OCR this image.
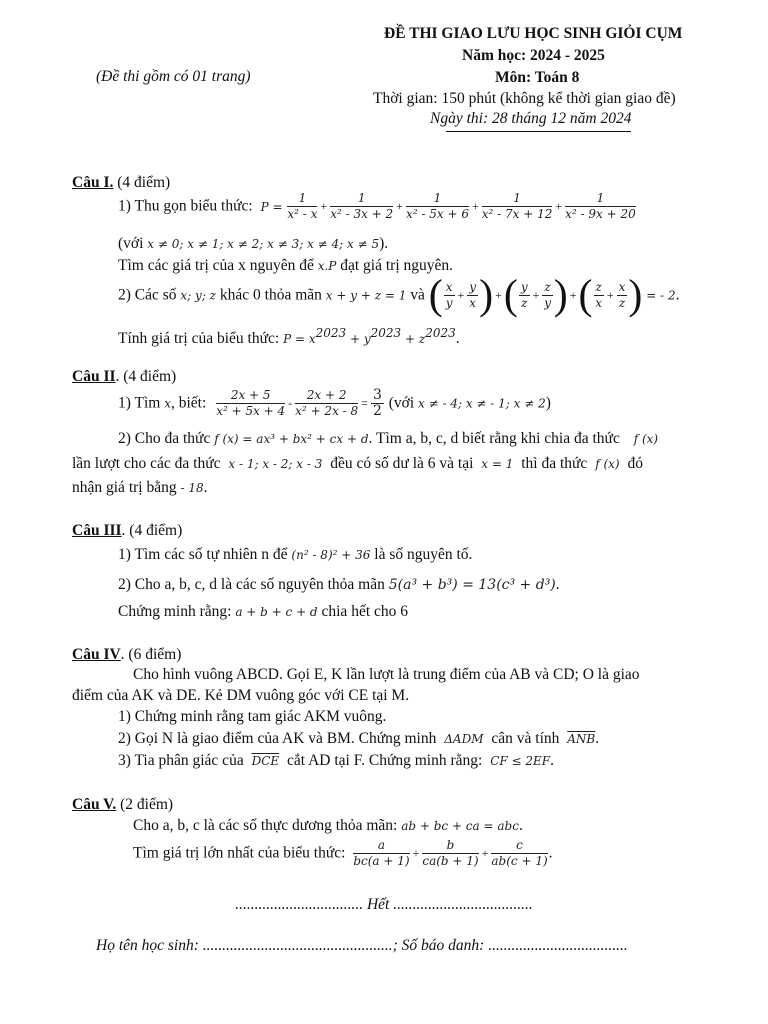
ĐỀ THI GIAO LƯU HỌC SINH GIỎI CỤM
Năm học: 2024 - 2025
Môn: Toán 8
(Đề thi gồm có 01 trang)
Thời gian: 150 phút (không kể thời gian giao đề)
Ngày thi: 28 tháng 12 năm 2024
Câu I. (4 điểm)
1) Thu gọn biểu thức: $P = \frac{1}{\text{x² - x}} + \frac{1}{\text{x² - 3x + 2}} + \frac{1}{\text{x² - 5x + 6}} + \frac{1}{\text{x² - 7x + 12}} + \frac{1}{\text{x² - 9x + 20}}$
(với x ≠ 0; x ≠ 1; x ≠ 2; x ≠ 3; x ≠ 4; x ≠ 5).
Tìm các giá trị của x nguyên để x.P đạt giá trị nguyên.
2) Các số x; y; z khác 0 thỏa mãn x + y + z = 1 và ( $\frac{x}{y} + \frac{y}{x}$ ) +( $\frac{y}{z} + \frac{z}{y}$ ) +( $\frac{z}{x} + \frac{x}{z}$ ) = - 2.
Tính giá trị của biểu thức: $P = x^{2023} + y^{2023} + z^{2023}$.
Câu II. (4 điểm)
1) Tìm x, biết: $\frac{2x + 5}{\text{x² + 5x + 4}} - \frac{2x + 2}{\text{x² + 2x - 8}} = \frac{3}{2}$ (với x ≠ - 4; x ≠ - 1; x ≠ 2)
2) Cho đa thức f (x) = ax³ + bx² + cx + d. Tìm a, b, c, d biết rằng khi chia đa thức f (x)
lần lượt cho các đa thức x - 1; x - 2; x - 3 đều có số dư là 6 và tại x = 1 thì đa thức f (x) đó
nhận giá trị bằng - 18.
Câu III. (4 điểm)
1) Tìm các số tự nhiên n để (n² - 8)² + 36 là số nguyên tố.
2) Cho a, b, c, d là các số nguyên thỏa mãn 5(a³ + b³) = 13(c³ + d³).
Chứng minh rằng: a + b + c + d chia hết cho 6
Câu IV. (6 điểm)
Cho hình vuông ABCD. Gọi E, K lần lượt là trung điểm của AB và CD; O là giao
điểm của AK và DE. Kẻ DM vuông góc với CE tại M.
1) Chứng minh rằng tam giác AKM vuông.
2) Gọi N là giao điểm của AK và BM. Chứng minh ΔADM cân và tính $\overline{ANB}$.
3) Tia phân giác của $\overline{DCE}$ cắt AD tại F. Chứng minh rằng: CF ≤ 2EF.
Câu V. (2 điểm)
Cho a, b, c là các số thực dương thỏa mãn: ab + bc + ca = abc.
Tìm giá trị lớn nhất của biểu thức: $\frac{a}{bc(a + 1)} + \frac{b}{ca(b + 1)} + \frac{c}{ab(c + 1)}$ .
................................. Hết ....................................
Họ tên học sinh: .................................................; Số báo danh: ....................................
